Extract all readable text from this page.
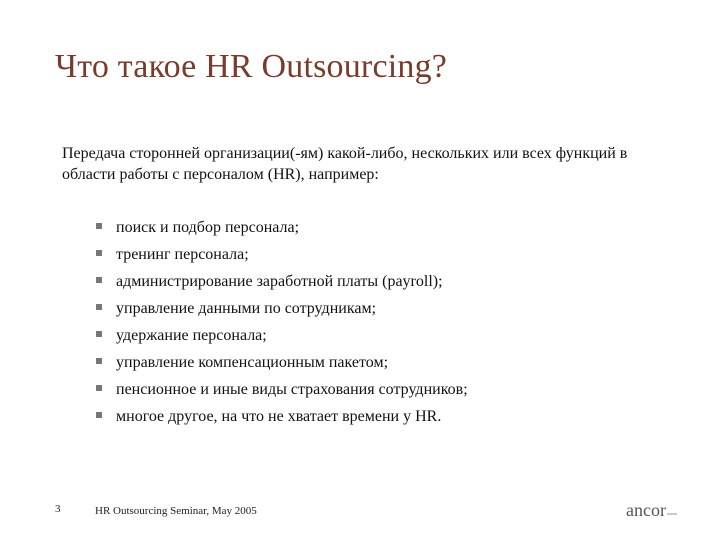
Что такое HR Outsourcing?
Передача сторонней организации(-ям) какой-либо, нескольких или всех функций в области работы с персоналом (HR), например:
поиск и подбор персонала;
тренинг персонала;
администрирование заработной платы (payroll);
управление данными по сотрудникам;
удержание персонала;
управление компенсационным пакетом;
пенсионное и иные виды страхования сотрудников;
многое другое, на что не хватает времени у HR.
3	HR Outsourcing Seminar, May 2005	ancor
